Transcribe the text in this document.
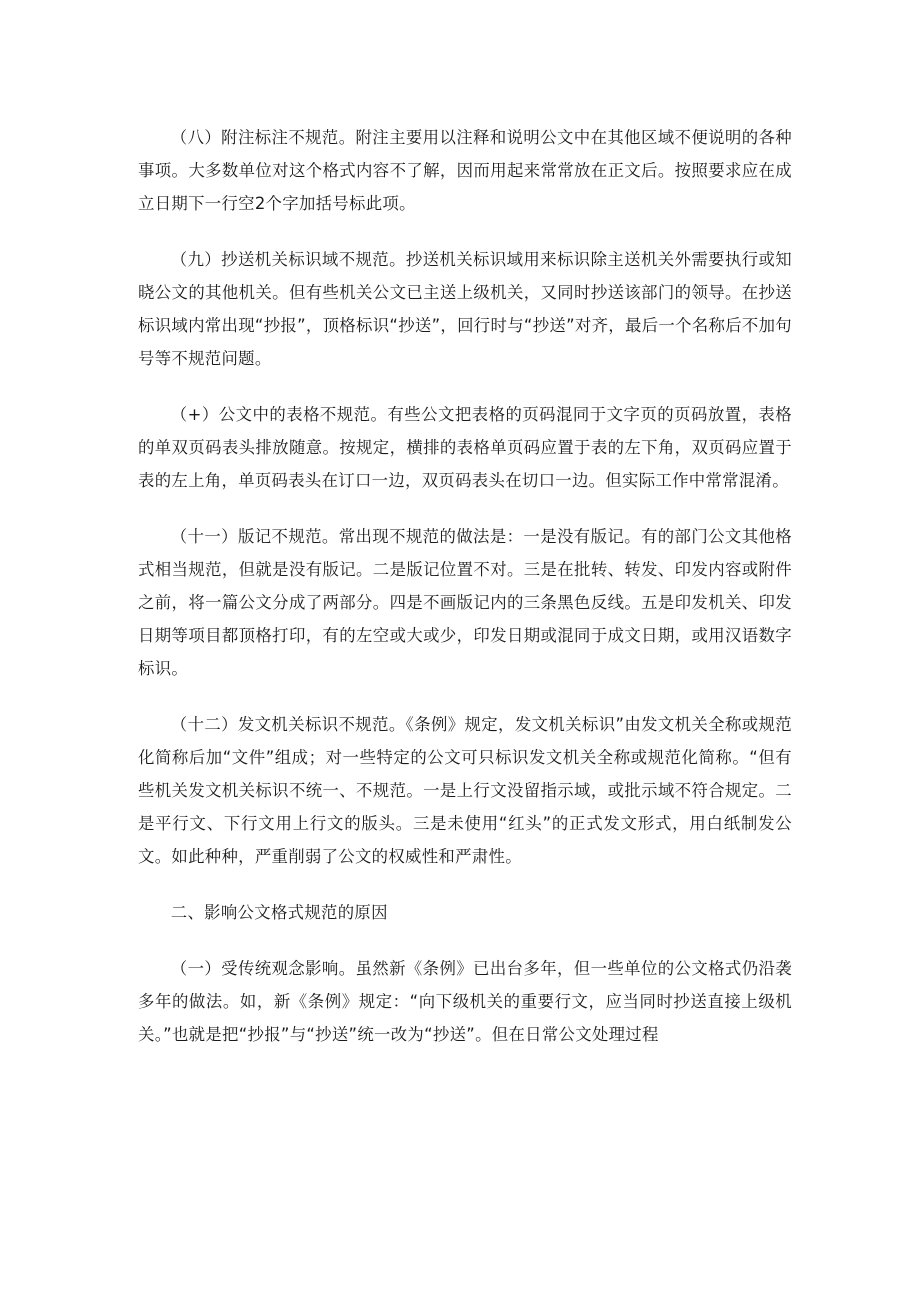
（八）附注标注不规范。附注主要用以注释和说明公文中在其他区域不便说明的各种事项。大多数单位对这个格式内容不了解，因而用起来常常放在正文后。按照要求应在成立日期下一行空2个字加括号标此项。

（九）抄送机关标识域不规范。抄送机关标识域用来标识除主送机关外需要执行或知晓公文的其他机关。但有些机关公文已主送上级机关，又同时抄送该部门的领导。在抄送标识域内常出现“抄报”，顶格标识“抄送”，回行时与“抄送”对齐，最后一个名称后不加句号等不规范问题。

（+）公文中的表格不规范。有些公文把表格的页码混同于文字页的页码放置，表格的单双页码表头排放随意。按规定，横排的表格单页码应置于表的左下角，双页码应置于表的左上角，单页码表头在订口一边，双页码表头在切口一边。但实际工作中常常混淆。

（十一）版记不规范。常出现不规范的做法是：一是没有版记。有的部门公文其他格式相当规范，但就是没有版记。二是版记位置不对。三是在批转、转发、印发内容或附件之前，将一篇公文分成了两部分。四是不画版记内的三条黑色反线。五是印发机关、印发日期等项目都顶格打印，有的左空或大或少，印发日期或混同于成文日期，或用汉语数字标识。

（十二）发文机关标识不规范。《条例》规定，发文机关标识”由发文机关全称或规范化简称后加“文件”组成；对一些特定的公文可只标识发文机关全称或规范化简称。“但有些机关发文机关标识不统一、不规范。一是上行文没留指示域，或批示域不符合规定。二是平行文、下行文用上行文的版头。三是未使用“红头”的正式发文形式，用白纸制发公文。如此种种，严重削弱了公文的权威性和严肃性。

二、影响公文格式规范的原因

（一）受传统观念影响。虽然新《条例》已出台多年，但一些单位的公文格式仍沿袭多年的做法。如，新《条例》规定：“向下级机关的重要行文，应当同时抄送直接上级机关。”也就是把“抄报”与“抄送”统一改为“抄送”。但在日常公文处理过程
